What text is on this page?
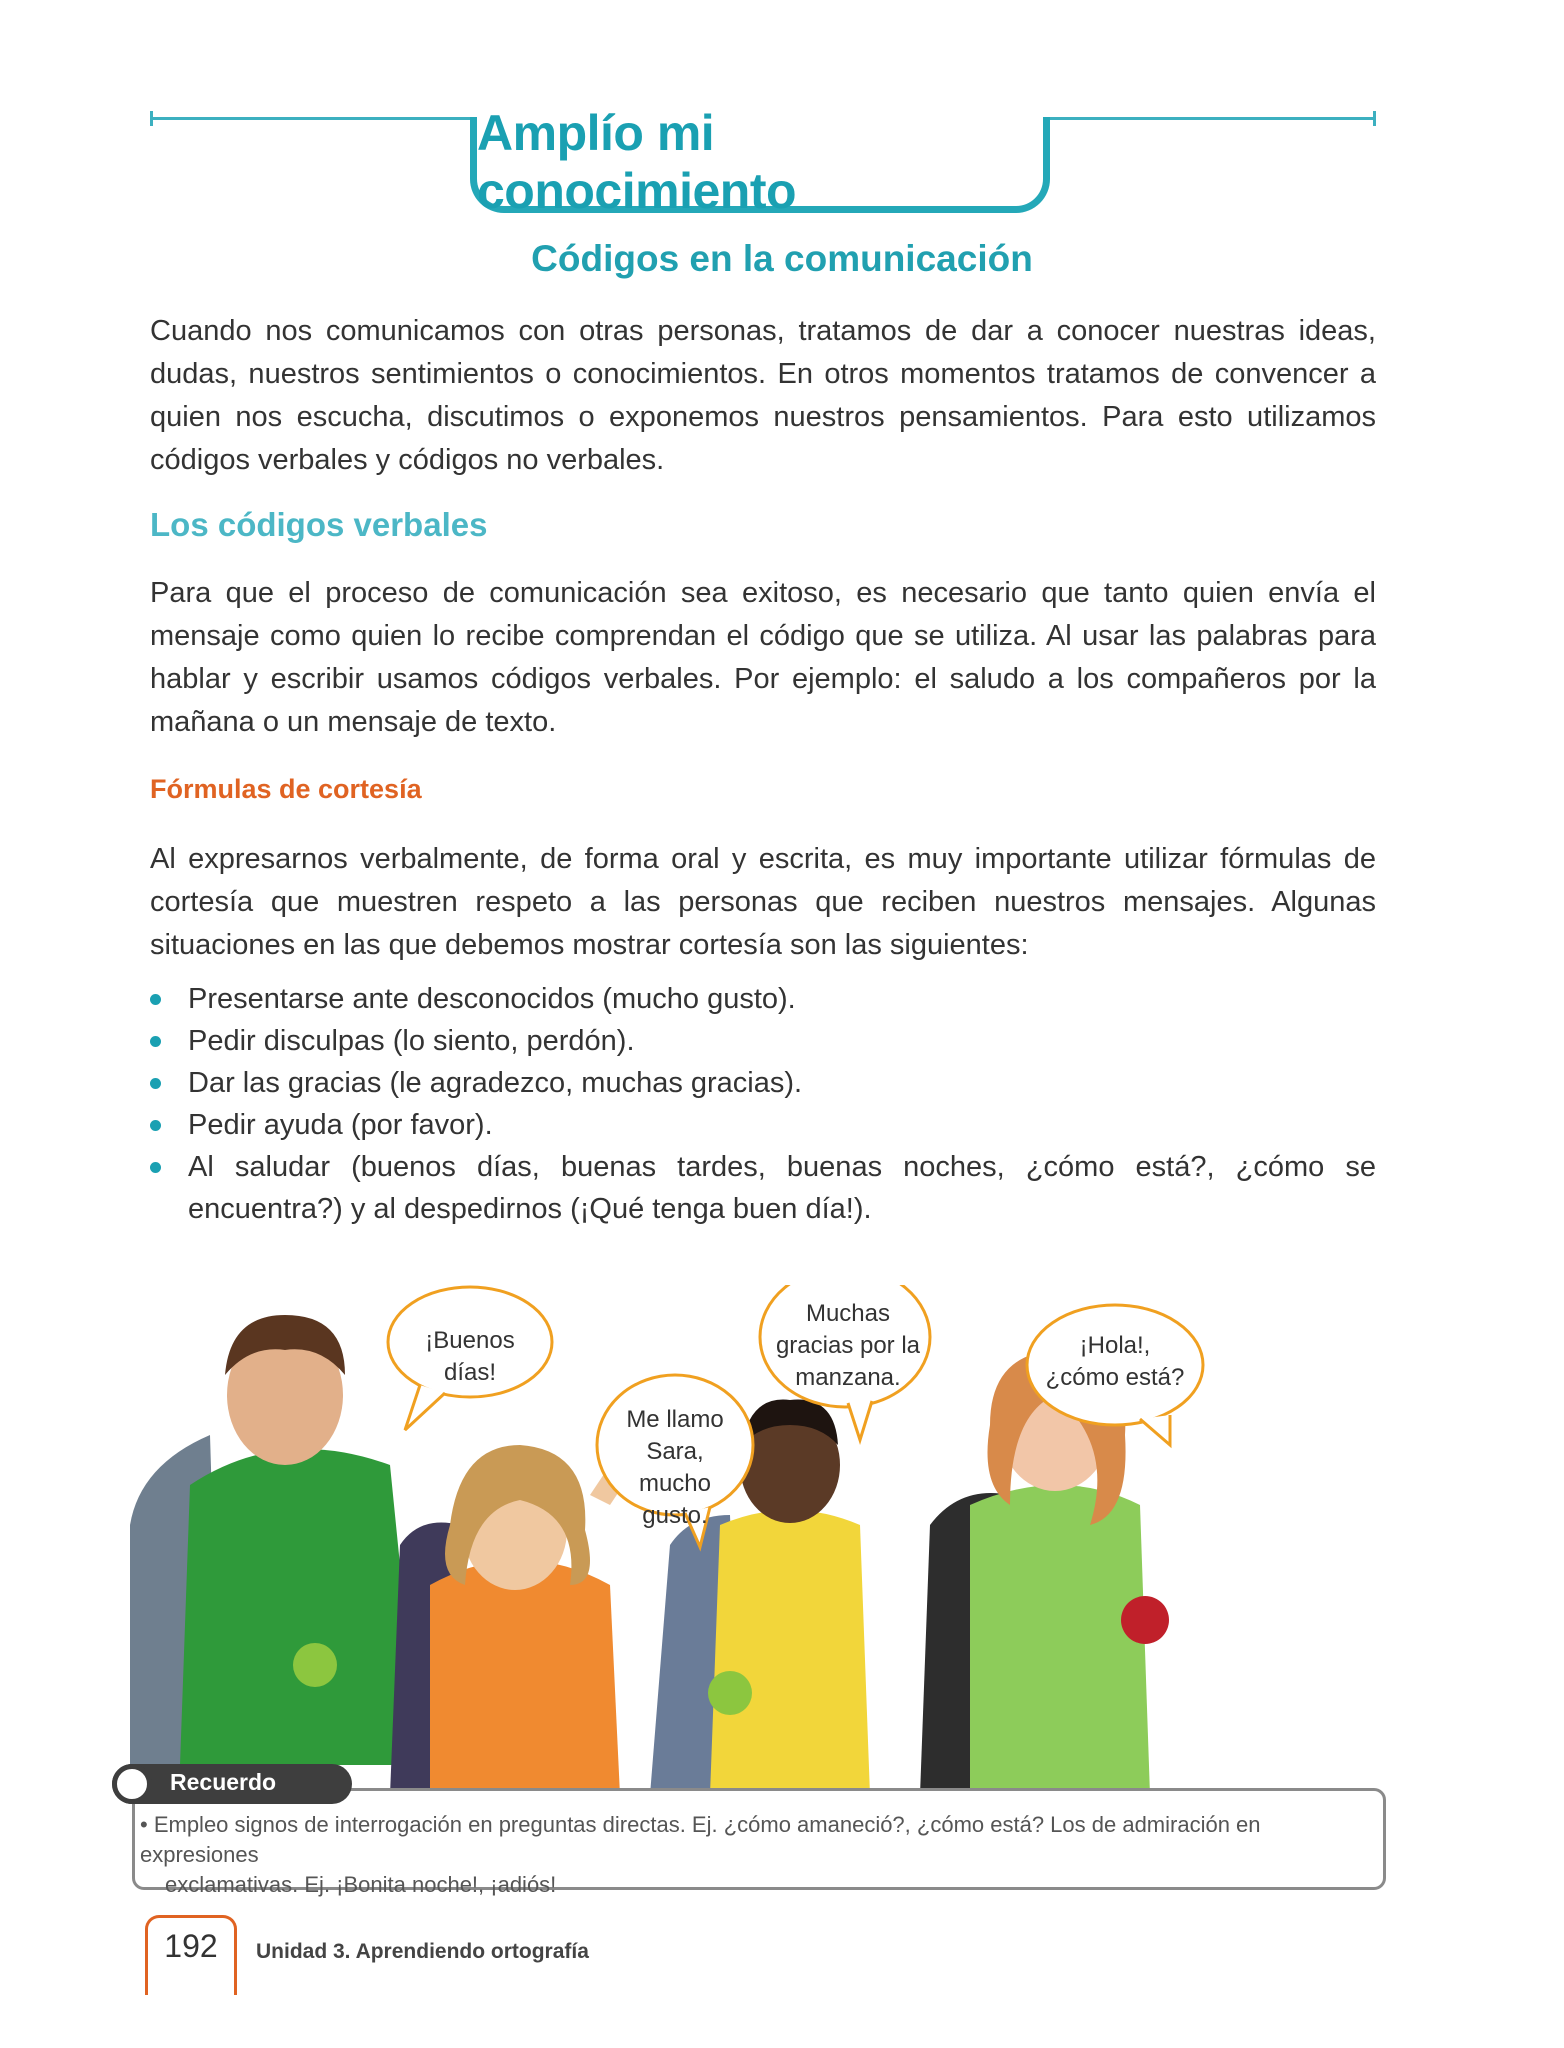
Amplío mi conocimiento
Códigos en la comunicación

Cuando nos comunicamos con otras personas, tratamos de dar a conocer nuestras ideas, dudas, nuestros sentimientos o conocimientos. En otros momentos tratamos de convencer a quien nos escucha, discutimos o exponemos nuestros pensamientos. Para esto utilizamos códigos verbales y códigos no verbales.

Los códigos verbales

Para que el proceso de comunicación sea exitoso, es necesario que tanto quien envía el mensaje como quien lo recibe comprendan el código que se utiliza. Al usar las palabras para hablar y escribir usamos códigos verbales. Por ejemplo: el saludo a los compañeros por la mañana o un mensaje de texto.

Fórmulas de cortesía

Al expresarnos verbalmente, de forma oral y escrita, es muy importante utilizar fórmulas de cortesía que muestren respeto a las personas que reciben nuestros mensajes. Algunas situaciones en las que debemos mostrar cortesía son las siguientes:

Presentarse ante desconocidos (mucho gusto).
Pedir disculpas (lo siento, perdón).
Dar las gracias (le agradezco, muchas gracias).
Pedir ayuda (por favor).
Al saludar (buenos días, buenas tardes, buenas noches, ¿cómo está?, ¿cómo se encuentra?) y al despedirnos (¡Qué tenga buen día!).
¡Buenos días!
Me llamo Sara, mucho gusto.
Muchas gracias por la manzana.
¡Hola!, ¿cómo está?
Recuerdo

• Empleo signos de interrogación en preguntas directas. Ej. ¿cómo amaneció?, ¿cómo está? Los de admiración en expresiones
exclamativas. Ej. ¡Bonita noche!, ¡adiós!

192	Unidad 3. Aprendiendo ortografía
